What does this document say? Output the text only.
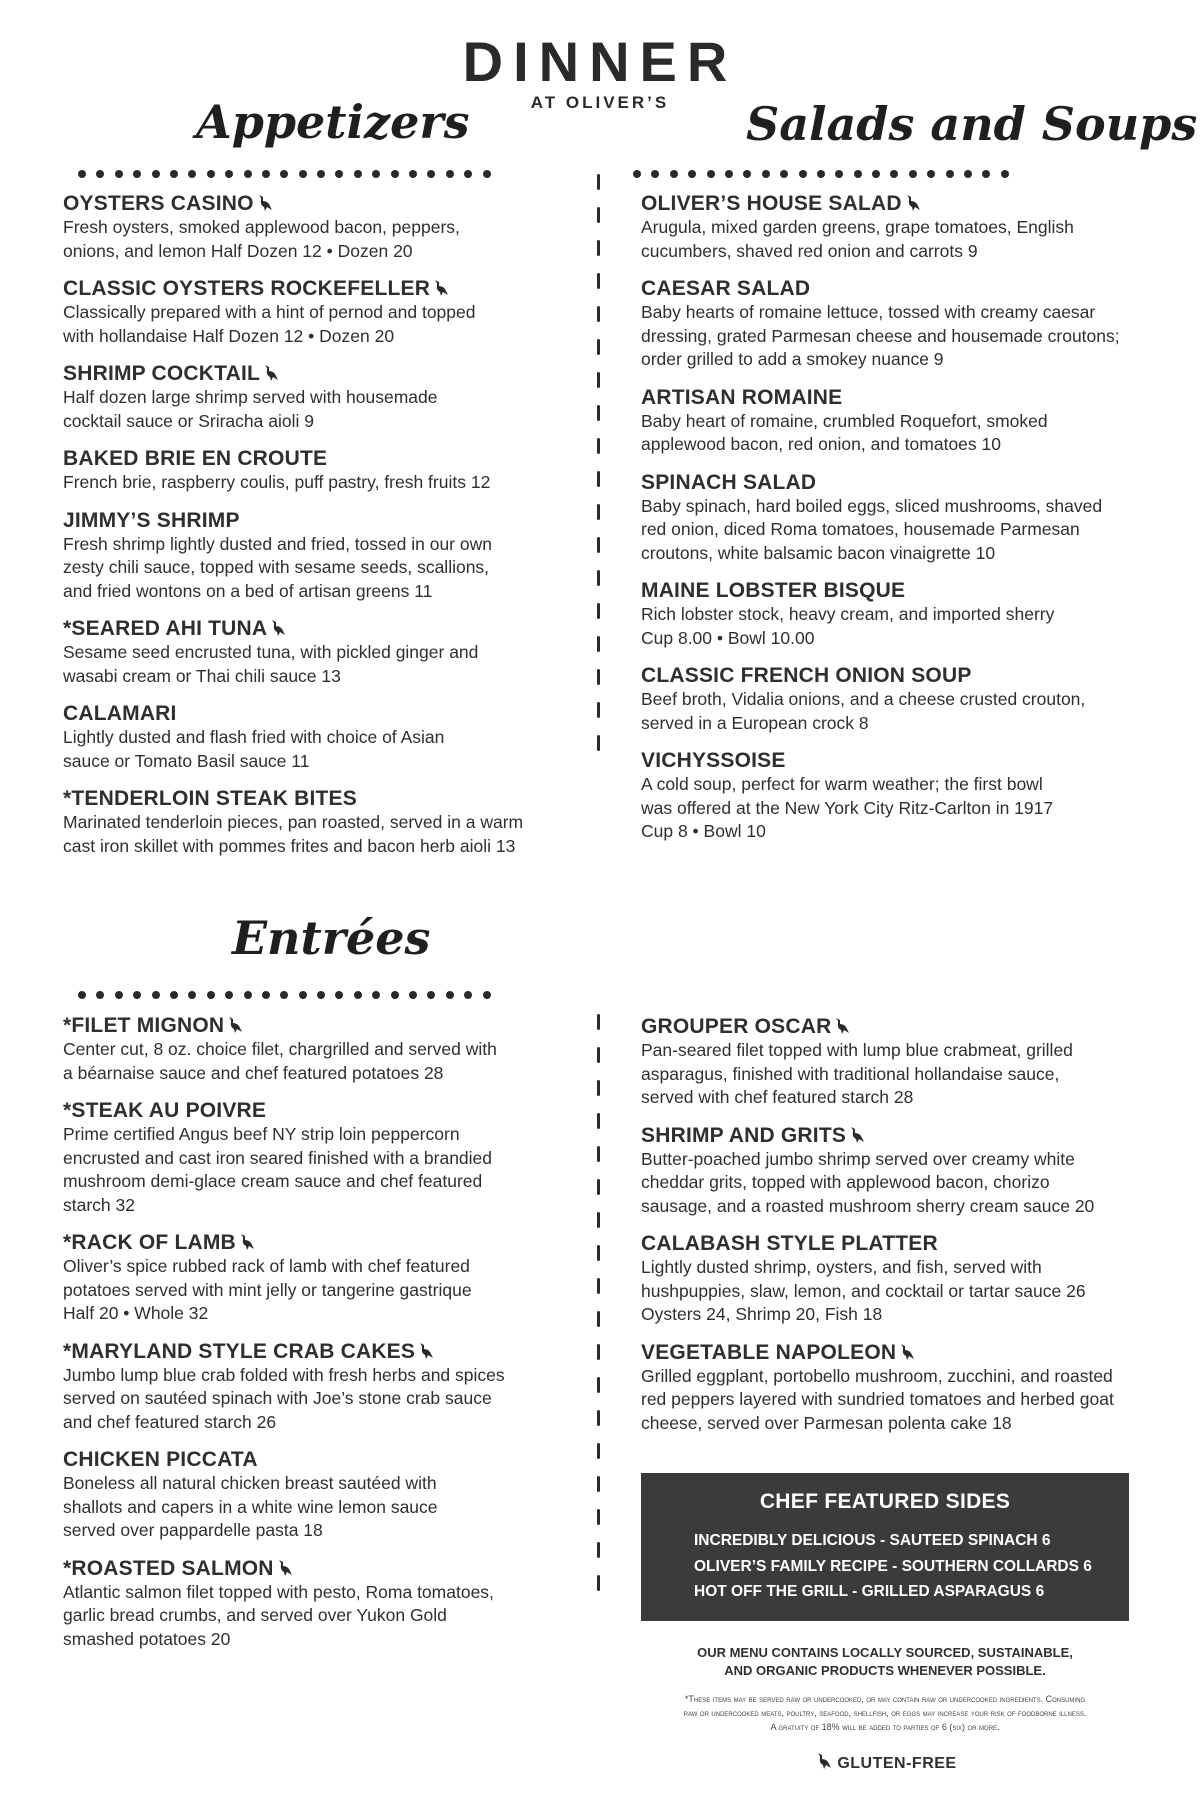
DINNER
AT OLIVER’S
Appetizers	Salads and Soups
Entrées
OYSTERS CASINO
Fresh oysters, smoked applewood bacon, peppers,
onions, and lemon Half Dozen 12 • Dozen 20
CLASSIC OYSTERS ROCKEFELLER
Classically prepared with a hint of pernod and topped
with hollandaise Half Dozen 12 • Dozen 20
SHRIMP COCKTAIL
Half dozen large shrimp served with housemade
cocktail sauce or Sriracha aioli 9
BAKED BRIE EN CROUTE
French brie, raspberry coulis, puff pastry, fresh fruits 12
JIMMY’S SHRIMP
Fresh shrimp lightly dusted and fried, tossed in our own
zesty chili sauce, topped with sesame seeds, scallions,
and fried wontons on a bed of artisan greens 11
*SEARED AHI TUNA
Sesame seed encrusted tuna, with pickled ginger and
wasabi cream or Thai chili sauce 13
CALAMARI
Lightly dusted and flash fried with choice of Asian
sauce or Tomato Basil sauce 11
*TENDERLOIN STEAK BITES
Marinated tenderloin pieces, pan roasted, served in a warm
cast iron skillet with pommes frites and bacon herb aioli 13
OLIVER’S HOUSE SALAD
Arugula, mixed garden greens, grape tomatoes, English
cucumbers, shaved red onion and carrots 9
CAESAR SALAD
Baby hearts of romaine lettuce, tossed with creamy caesar
dressing, grated Parmesan cheese and housemade croutons;
order grilled to add a smokey nuance 9
ARTISAN ROMAINE
Baby heart of romaine, crumbled Roquefort, smoked
applewood bacon, red onion, and tomatoes 10
SPINACH SALAD
Baby spinach, hard boiled eggs, sliced mushrooms, shaved
red onion, diced Roma tomatoes, housemade Parmesan
croutons, white balsamic bacon vinaigrette 10
MAINE LOBSTER BISQUE
Rich lobster stock, heavy cream, and imported sherry
Cup 8.00 • Bowl 10.00
CLASSIC FRENCH ONION SOUP
Beef broth, Vidalia onions, and a cheese crusted crouton,
served in a European crock 8
VICHYSSOISE
A cold soup, perfect for warm weather; the first bowl
was offered at the New York City Ritz-Carlton in 1917
Cup 8 • Bowl 10
*FILET MIGNON
Center cut, 8 oz. choice filet, chargrilled and served with
a béarnaise sauce and chef featured potatoes 28
*STEAK AU POIVRE
Prime certified Angus beef NY strip loin peppercorn
encrusted and cast iron seared finished with a brandied
mushroom demi-glace cream sauce and chef featured
starch 32
*RACK OF LAMB
Oliver’s spice rubbed rack of lamb with chef featured
potatoes served with mint jelly or tangerine gastrique
Half 20 • Whole 32
*MARYLAND STYLE CRAB CAKES
Jumbo lump blue crab folded with fresh herbs and spices
served on sautéed spinach with Joe’s stone crab sauce
and chef featured starch 26
CHICKEN PICCATA
Boneless all natural chicken breast sautéed with
shallots and capers in a white wine lemon sauce
served over pappardelle pasta 18
*ROASTED SALMON
Atlantic salmon filet topped with pesto, Roma tomatoes,
garlic bread crumbs, and served over Yukon Gold
smashed potatoes 20
GROUPER OSCAR
Pan-seared filet topped with lump blue crabmeat, grilled
asparagus, finished with traditional hollandaise sauce,
served with chef featured starch 28
SHRIMP AND GRITS
Butter-poached jumbo shrimp served over creamy white
cheddar grits, topped with applewood bacon, chorizo
sausage, and a roasted mushroom sherry cream sauce 20
CALABASH STYLE PLATTER
Lightly dusted shrimp, oysters, and fish, served with
hushpuppies, slaw, lemon, and cocktail or tartar sauce 26
Oysters 24, Shrimp 20, Fish 18
VEGETABLE NAPOLEON
Grilled eggplant, portobello mushroom, zucchini, and roasted
red peppers layered with sundried tomatoes and herbed goat
cheese, served over Parmesan polenta cake 18
CHEF FEATURED SIDES
INCREDIBLY DELICIOUS - SAUTEED SPINACH 6
OLIVER’S FAMILY RECIPE - SOUTHERN COLLARDS 6
HOT OFF THE GRILL - GRILLED ASPARAGUS 6
OUR MENU CONTAINS LOCALLY SOURCED, SUSTAINABLE,
AND ORGANIC PRODUCTS WHENEVER POSSIBLE.
*These items may be served raw or undercooked, or may contain raw or undercooked ingredients. Consuming
raw or undercooked meats, poultry, seafood, shellfish, or eggs may increase your risk of foodborne illness.
A gratuity of 18% will be added to parties of 6 (six) or more.
GLUTEN-FREE
